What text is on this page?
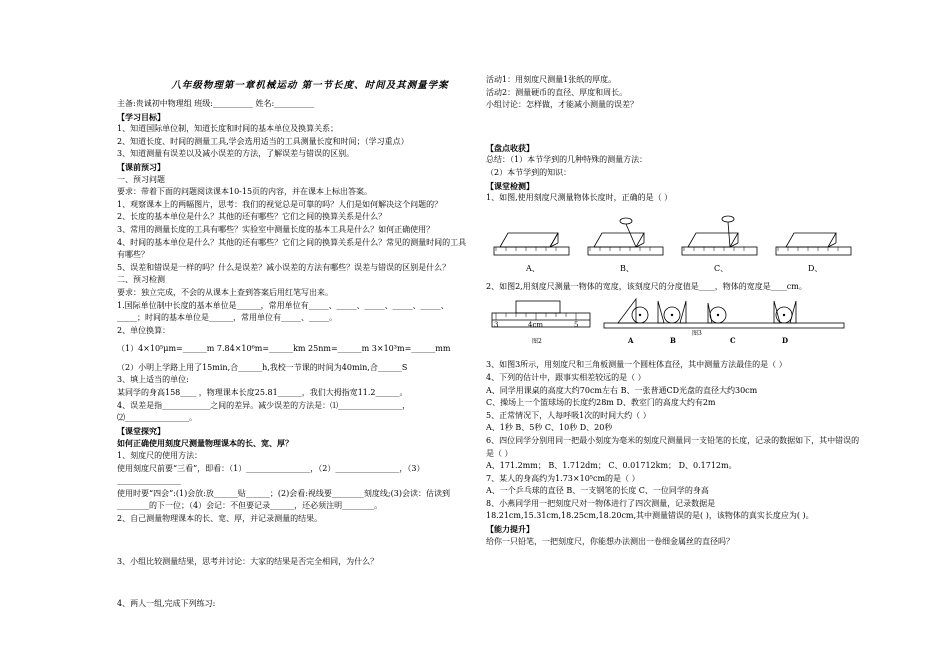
八年级物理第一章机械运动 第一节长度、时间及其测量学案
主备:贵诚初中物理组 班级:__________ 姓名:__________
【学习目标】
1、知道国际单位制，知道长度和时间的基本单位及换算关系；
2、知道长度、时间的测量工具,学会选用适当的工具测量长度和时间；（学习重点）
3、知道测量有误差以及减小误差的方法，了解误差与错误的区别。
【课前预习】
一、预习问题
要求：带着下面的问题阅读课本10-15页的内容，并在课本上标出答案。
1、观察课本上的两幅图片，思考：我们的视觉总是可靠的吗？人们是如何解决这个问题的？
2、长度的基本单位是什么？其他的还有哪些？它们之间的换算关系是什么？
3、常用的测量长度的工具有哪些？实验室中测量长度的基本工具是什么？如何正确使用？
4、时间的基本单位是什么？其他的还有哪些？它们之间的换算关系是什么？常见的测量时间的工具有哪些？
5、误差和错误是一样的吗？什么是误差？减小误差的方法有哪些？误差与错误的区别是什么？
二、预习检测
要求：独立完成，不会的从课本上查到答案后用红笔写出来。
1.国际单位制中长度的基本单位是______，常用单位有_____、_____、_____、_____、_____、_____；时间的基本单位是______，常用单位有_____、_____。
2、单位换算：
（1）4×10⁵μm=______m 7.84×10⁶m=______km 25nm=______m 3×10³m=______mm
（2）小明上学路上用了15min,合______h,我校一节课的时间为40min,合______S
3、填上适当的单位:
某同学的身高158____ ，物理课本长度25.81______，我们大拇指宽11.2______。
4、误差是指____________之间的差异。减少误差的方法是：⑴________________，⑵________________。
【课堂探究】
如何正确使用刻度尺测量物理课本的长、宽、厚？
1、刻度尺的使用方法：
使用刻度尺前要“三看”，即看：（1）________________，（2）________________，（3）________________
使用时要“四会”:(1)会放:放______贴______；(2)会看:视线要________刻度线;(3)会读：估读到________的下一位；（4）会记：不但要记录______，还必须注明________。
2、自己测量物理课本的长、宽、厚，并记录测量的结果。
3、小组比较测量结果，思考并讨论：大家的结果是否完全相同，为什么？
4、两人一组,完成下列练习:
活动1：用刻度尺测量1张纸的厚度。
活动2：测量硬币的直径、厚度和周长。
小组讨论：怎样做，才能减小测量的误差？
【盘点收获】
总结：（1）本节学到的几种特殊的测量方法：
（2）本节学到的知识：
【课堂检测】
1、如图,使用刻度尺测量物体长度时，正确的是（ ）
A、	B、	C、	D、
2、如图2,用刻度尺测量一物体的宽度，该刻度尺的分度值是____，物体的宽度是____cm。
3	4cm	5
图2	A	B	C	D
图3
3、如图3所示，用刻度尺和三角板测量一个圆柱体直径，其中测量方法最佳的是（ ）
4、下列的估计中，跟事实相差较远的是（ ）
A、同学用课桌的高度大约70cm左右 B、一张普通CD光盘的直径大约30cm
C、操场上一个篮球场的长度约28m D、教室门的高度大约有2m
5、正常情况下，人每呼吸1次的时间大约（ ）
A、1秒 B、5秒 C、10秒 D、20秒
6、四位同学分别用同一把最小刻度为毫米的刻度尺测量同一支铅笔的长度，记录的数据如下，其中错误的是（ ）
A、171.2mm； B、1.712dm； C、0.01712km； D、0.1712m。
7、某人的身高约为1.73×10⁵cm的是（ ）
A、一个乒乓球的直径 B、一支钢笔的长度 C、一位同学的身高
8、小燕同学用一把刻度尺对一物体进行了四次测量，记录数据是18.21cm,15.31cm,18.25cm,18.20cm,其中测量错误的是( )，该物体的真实长度应为( )。
【能力提升】
给你一只铅笔，一把刻度尺，你能想办法测出一卷细金属丝的直径吗？
